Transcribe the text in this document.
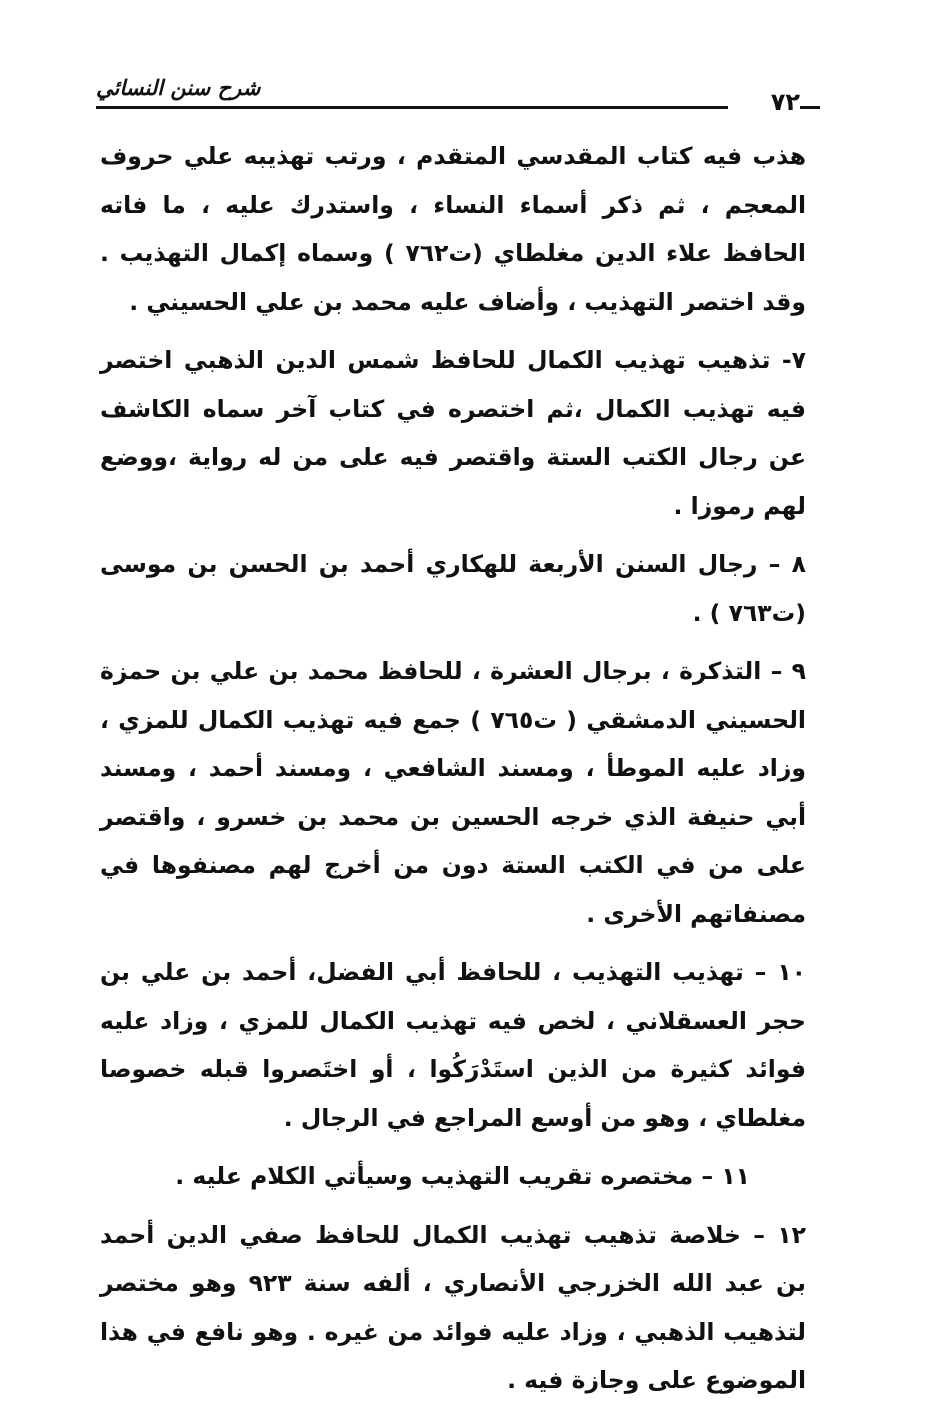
شرح سنن النسائي	٧٢

هذب فيه كتاب المقدسي المتقدم ، ورتب تهذيبه علي حروف المعجم ، ثم ذكر أسماء النساء ، واستدرك عليه ، ما فاته الحافظ علاء الدين مغلطاي (ت٧٦٢ ) وسماه إكمال التهذيب . وقد اختصر التهذيب ، وأضاف عليه محمد بن علي الحسيني .

٧- تذهيب تهذيب الكمال للحافظ شمس الدين الذهبي اختصر فيه تهذيب الكمال ،ثم اختصره في كتاب آخر سماه الكاشف عن رجال الكتب الستة واقتصر فيه على من له رواية ،ووضع لهم رموزا .

٨ – رجال السنن الأربعة للهكاري أحمد بن الحسن بن موسى (ت٧٦٣ ) .

٩ – التذكرة ، برجال العشرة ، للحافظ محمد بن علي بن حمزة الحسيني الدمشقي ( ت٧٦٥ ) جمع فيه تهذيب الكمال للمزي ، وزاد عليه الموطأ ، ومسند الشافعي ، ومسند أحمد ، ومسند أبي حنيفة الذي خرجه الحسين بن محمد بن خسرو ، واقتصر على من في الكتب الستة دون من أخرج لهم مصنفوها في مصنفاتهم الأخرى .

١٠ – تهذيب التهذيب ، للحافظ أبي الفضل، أحمد بن علي بن حجر العسقلاني ، لخص فيه تهذيب الكمال للمزي ، وزاد عليه فوائد كثيرة من الذين استَدْرَكُوا ، أو اختَصروا قبله خصوصا مغلطاي ، وهو من أوسع المراجع في الرجال .

١١ – مختصره تقريب التهذيب وسيأتي الكلام عليه .

١٢ – خلاصة تذهيب تهذيب الكمال للحافظ صفي الدين أحمد بن عبد الله الخزرجي الأنصاري ، ألفه سنة ٩٢٣ وهو مختصر لتذهيب الذهبي ، وزاد عليه فوائد من غيره . وهو نافع في هذا الموضوع على وجازة فيه .
